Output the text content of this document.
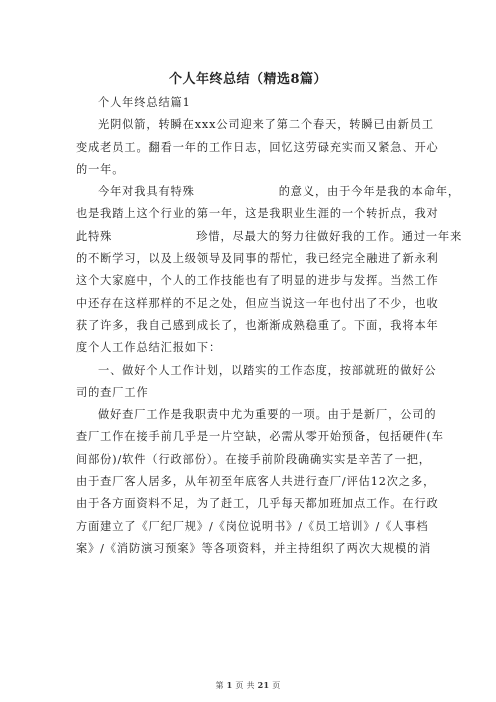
个人年终总结（精选8篇）
个人年终总结篇1
光阴似箭，转瞬在xxx公司迎来了第二个春天，转瞬已由新员工
变成老员工。翻看一年的工作日志，回忆这劳碌充实而又紧急、开心
的一年。
今年对我具有特殊	的意义，由于今年是我的本命年，
也是我踏上这个行业的第一年，这是我职业生涯的一个转折点，我对
此特殊	珍惜，尽最大的努力往做好我的工作。通过一年来
的不断学习，以及上级领导及同事的帮忙，我已经完全融进了新永利
这个大家庭中，个人的工作技能也有了明显的进步与发挥。当然工作
中还存在这样那样的不足之处，但应当说这一年也付出了不少，也收
获了许多，我自己感到成长了，也渐渐成熟稳重了。下面，我将本年
度个人工作总结汇报如下：
一、做好个人工作计划，以踏实的工作态度，按部就班的做好公
司的查厂工作
做好查厂工作是我职责中尤为重要的一项。由于是新厂，公司的
查厂工作在接手前几乎是一片空缺，必需从零开始预备，包括硬件(车
间部份)/软件（行政部份）。在接手前阶段确确实实是辛苦了一把，
由于查厂客人居多，从年初至年底客人共进行查厂/评估12次之多，
由于各方面资料不足，为了赶工，几乎每天都加班加点工作。在行政
方面建立了《厂纪厂规》/《岗位说明书》/《员工培训》/《人事档
案》/《消防演习预案》等各项资料，并主持组织了两次大规模的消
第 1 页 共 21 页
